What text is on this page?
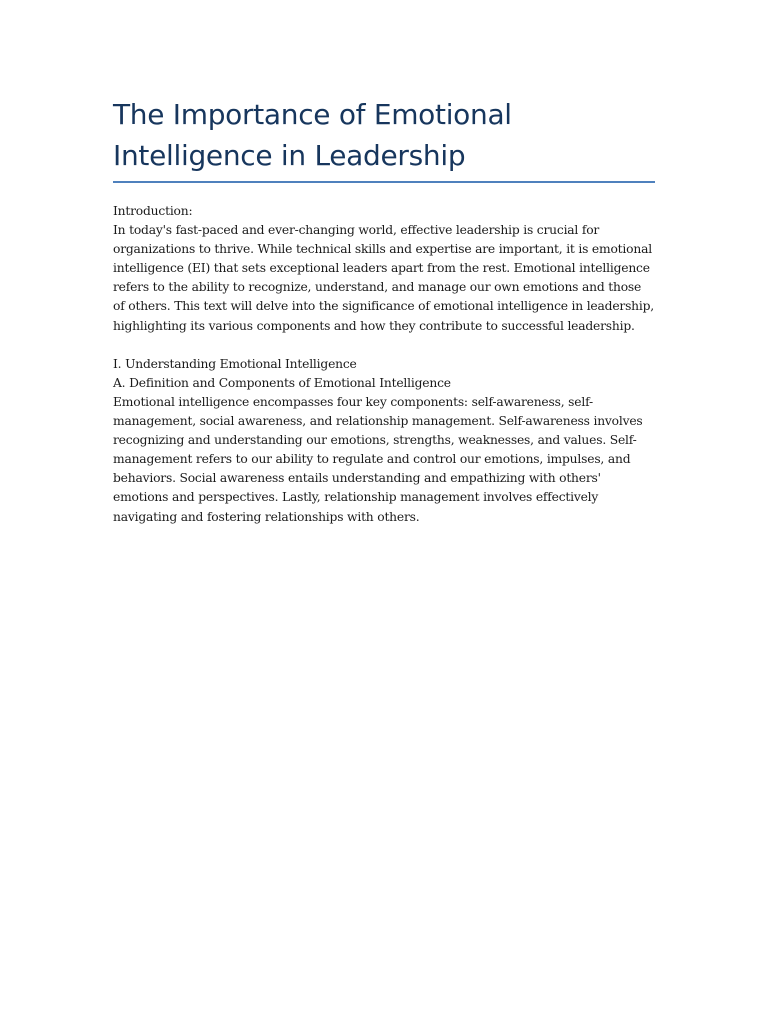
The Importance of Emotional Intelligence in Leadership

Introduction:

In today's fast-paced and ever-changing world, effective leadership is crucial for organizations to thrive. While technical skills and expertise are important, it is emotional intelligence (EI) that sets exceptional leaders apart from the rest. Emotional intelligence refers to the ability to recognize, understand, and manage our own emotions and those of others. This text will delve into the significance of emotional intelligence in leadership, highlighting its various components and how they contribute to successful leadership.

I. Understanding Emotional Intelligence

A. Definition and Components of Emotional Intelligence

Emotional intelligence encompasses four key components: self-awareness, self-management, social awareness, and relationship management. Self-awareness involves recognizing and understanding our emotions, strengths, weaknesses, and values. Self-management refers to our ability to regulate and control our emotions, impulses, and behaviors. Social awareness entails understanding and empathizing with others' emotions and perspectives. Lastly, relationship management involves effectively navigating and fostering relationships with others.
